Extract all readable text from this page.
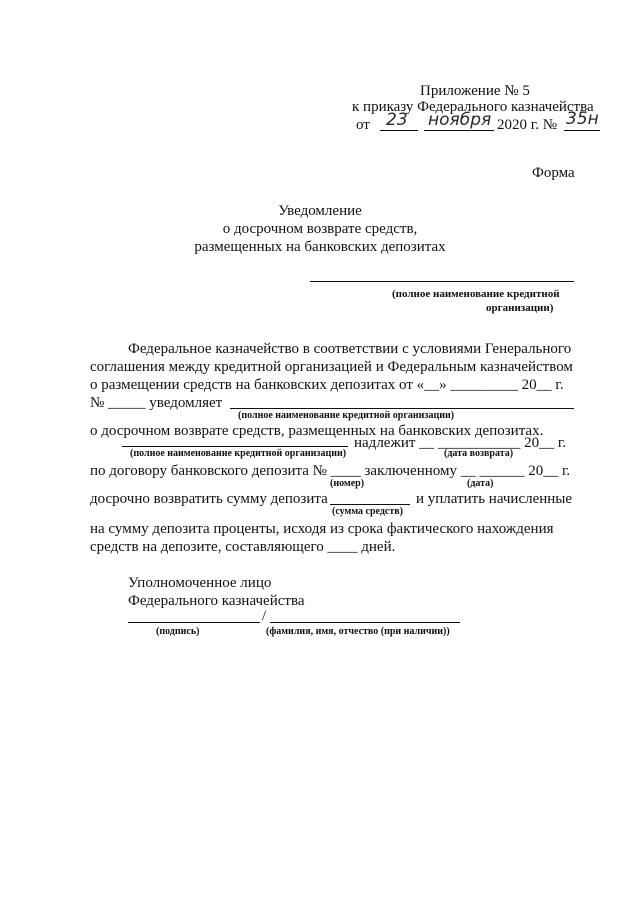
Приложение № 5
к приказу Федерального казначейства
от 23 ноября 2020 г. № 35н
Форма
Уведомление
о досрочном возврате средств,
размещенных на банковских депозитах
(полное наименование кредитной
организации)
Федеральное казначейство в соответствии с условиями Генерального
соглашения между кредитной организацией и Федеральным казначейством
о размещении средств на банковских депозитах от «__» _________ 20__ г.
№ _____ уведомляет
(полное наименование кредитной организации)
о досрочном возврате средств, размещенных на банковских депозитах.
надлежит __ ___________ 20__ г.
(полное наименование кредитной организации)	(дата возврата)
по договору банковского депозита № ____ заключенному __ ______ 20__ г.
(номер)	(дата)
досрочно возвратить сумму депозита	и уплатить начисленные
(сумма средств)
на сумму депозита проценты, исходя из срока фактического нахождения
средств на депозите, составляющего ____ дней.
Уполномоченное лицо
Федерального казначейства
/
(подпись)	(фамилия, имя, отчество (при наличии))
